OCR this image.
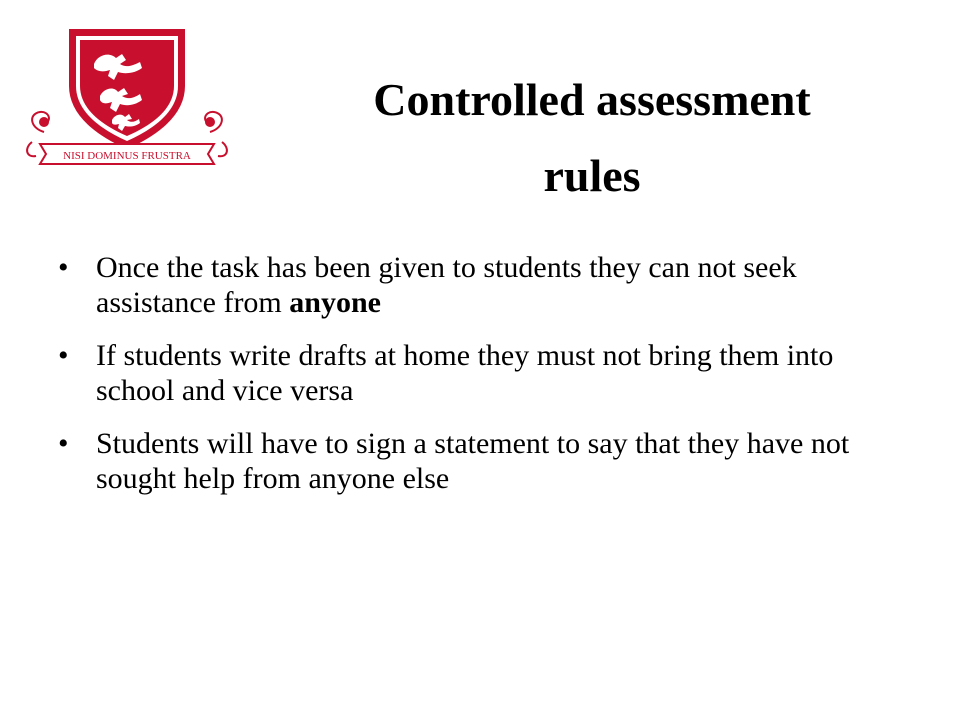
NISI DOMINUS FRUSTRA
Controlled assessment
rules
• Once the task has been given to students they can not seek assistance from anyone
• If students write drafts at home they must not bring them into school and vice versa
• Students will have to sign a statement to say that they have not sought help from anyone else
